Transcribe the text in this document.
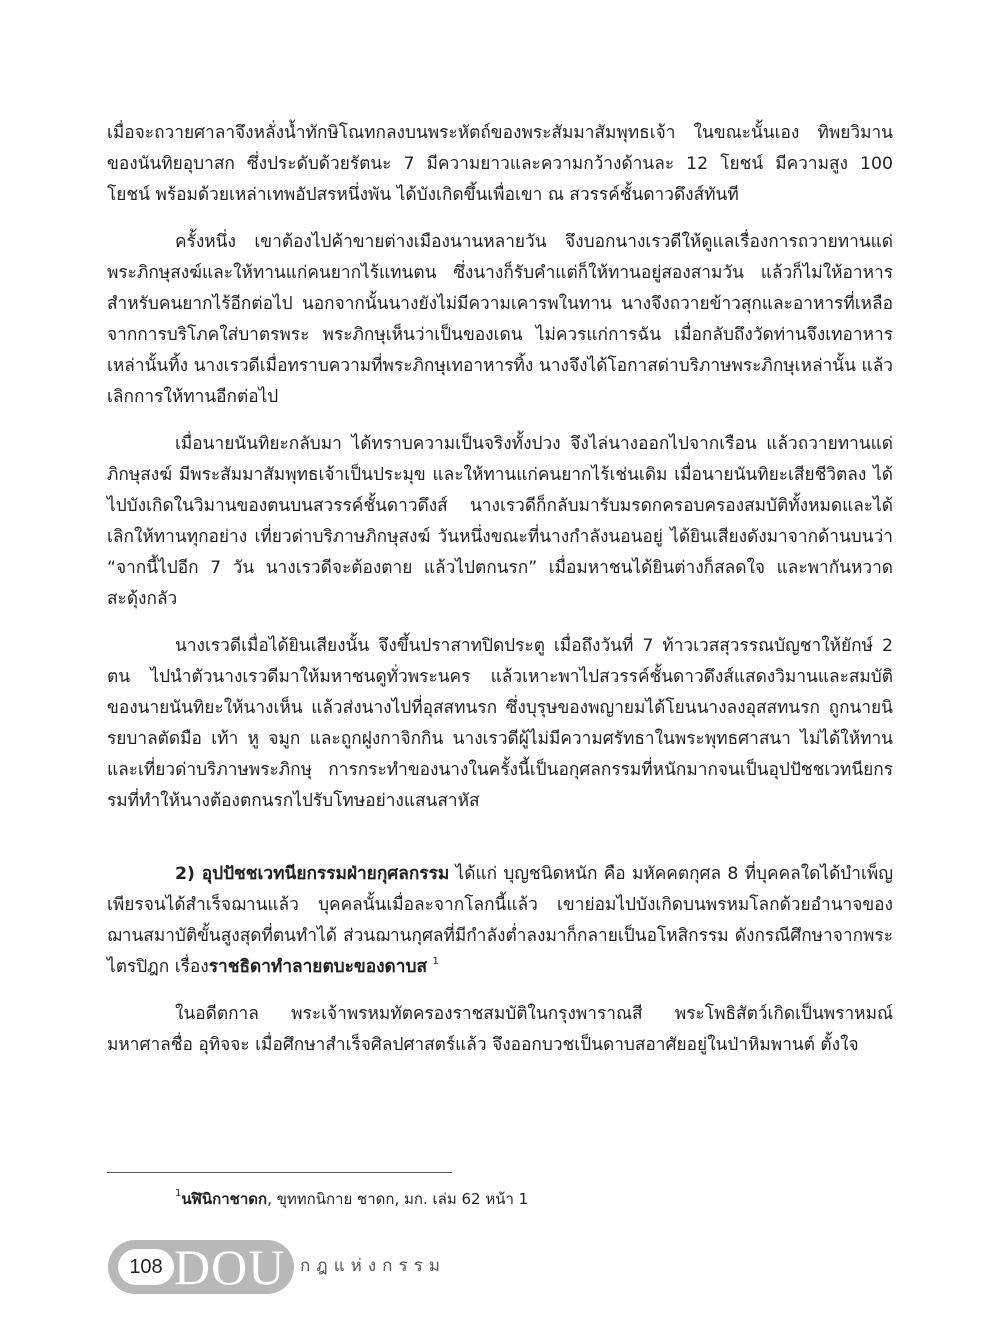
เมื่อจะถวายศาลาจึงหลั่งน้ำทักษิโณทกลงบนพระหัตถ์ของพระสัมมาสัมพุทธเจ้า ในขณะนั้นเอง ทิพยวิมานของนันทิยอุบาสก ซึ่งประดับด้วยรัตนะ 7 มีความยาวและความกว้างด้านละ 12 โยชน์ มีความสูง 100 โยชน์ พร้อมด้วยเหล่าเทพอัปสรหนึ่งพัน ได้บังเกิดขึ้นเพื่อเขา ณ สวรรค์ชั้นดาวดึงส์ทันที

ครั้งหนึ่ง เขาต้องไปค้าขายต่างเมืองนานหลายวัน จึงบอกนางเรวดีให้ดูแลเรื่องการถวายทานแด่พระภิกษุสงฆ์และให้ทานแก่คนยากไร้แทนตน ซึ่งนางก็รับคำแต่ก็ให้ทานอยู่สองสามวัน แล้วก็ไม่ให้อาหารสำหรับคนยากไร้อีกต่อไป นอกจากนั้นนางยังไม่มีความเคารพในทาน นางจึงถวายข้าวสุกและอาหารที่เหลือจากการบริโภคใส่บาตรพระ พระภิกษุเห็นว่าเป็นของเดน ไม่ควรแก่การฉัน เมื่อกลับถึงวัดท่านจึงเทอาหารเหล่านั้นทิ้ง นางเรวดีเมื่อทราบความที่พระภิกษุเทอาหารทิ้ง นางจึงได้โอกาสด่าบริภาษพระภิกษุเหล่านั้น แล้วเลิกการให้ทานอีกต่อไป

เมื่อนายนันทิยะกลับมา ได้ทราบความเป็นจริงทั้งปวง จึงไล่นางออกไปจากเรือน แล้วถวายทานแด่ภิกษุสงฆ์ มีพระสัมมาสัมพุทธเจ้าเป็นประมุข และให้ทานแก่คนยากไร้เช่นเดิม เมื่อนายนันทิยะเสียชีวิตลง ได้ไปบังเกิดในวิมานของตนบนสวรรค์ชั้นดาวดึงส์ นางเรวดีก็กลับมารับมรดกครอบครองสมบัติทั้งหมดและได้เลิกให้ทานทุกอย่าง เที่ยวด่าบริภาษภิกษุสงฆ์ วันหนึ่งขณะที่นางกำลังนอนอยู่ ได้ยินเสียงดังมาจากด้านบนว่า “จากนี้ไปอีก 7 วัน นางเรวดีจะต้องตาย แล้วไปตกนรก” เมื่อมหาชนได้ยินต่างก็สลดใจ และพากันหวาดสะดุ้งกลัว

นางเรวดีเมื่อได้ยินเสียงนั้น จึงขึ้นปราสาทปิดประตู เมื่อถึงวันที่ 7 ท้าวเวสสุวรรณบัญชาให้ยักษ์ 2 ตน ไปนำตัวนางเรวดีมาให้มหาชนดูทั่วพระนคร แล้วเหาะพาไปสวรรค์ชั้นดาวดึงส์แสดงวิมานและสมบัติของนายนันทิยะให้นางเห็น แล้วส่งนางไปที่อุสสทนรก ซึ่งบุรุษของพญายมได้โยนนางลงอุสสทนรก ถูกนายนิรยบาลตัดมือ เท้า หู จมูก และถูกฝูงกาจิกกิน นางเรวดีผู้ไม่มีความศรัทธาในพระพุทธศาสนา ไม่ได้ให้ทานและเที่ยวด่าบริภาษพระภิกษุ การกระทำของนางในครั้งนี้เป็นอกุศลกรรมที่หนักมากจนเป็นอุปปัชชเวทนียกรรมที่ทำให้นางต้องตกนรกไปรับโทษอย่างแสนสาหัส

2) อุปปัชชเวทนียกรรมฝ่ายกุศลกรรม ได้แก่ บุญชนิดหนัก คือ มหัคคตกุศล 8 ที่บุคคลใดได้บำเพ็ญเพียรจนได้สำเร็จฌานแล้ว บุคคลนั้นเมื่อละจากโลกนี้แล้ว เขาย่อมไปบังเกิดบนพรหมโลกด้วยอำนาจของฌานสมาบัติขั้นสูงสุดที่ตนทำได้ ส่วนฌานกุศลที่มีกำลังต่ำลงมาก็กลายเป็นอโหสิกรรม ดังกรณีศึกษาจากพระไตรปิฎก เรื่องราชธิดาทำลายตบะของดาบส $^1$

ในอดีตกาล พระเจ้าพรหมทัตครองราชสมบัติในกรุงพาราณสี พระโพธิสัตว์เกิดเป็นพราหมณ์มหาศาลชื่อ อุทิจจะ เมื่อศึกษาสำเร็จศิลปศาสตร์แล้ว จึงออกบวชเป็นดาบสอาศัยอยู่ในป่าหิมพานต์ ตั้งใจ

$^1$นฬินิกาชาดก, ขุททกนิกาย ชาดก, มก. เล่ม 62 หน้า 1
108 DOU กฎแห่งกรรม
